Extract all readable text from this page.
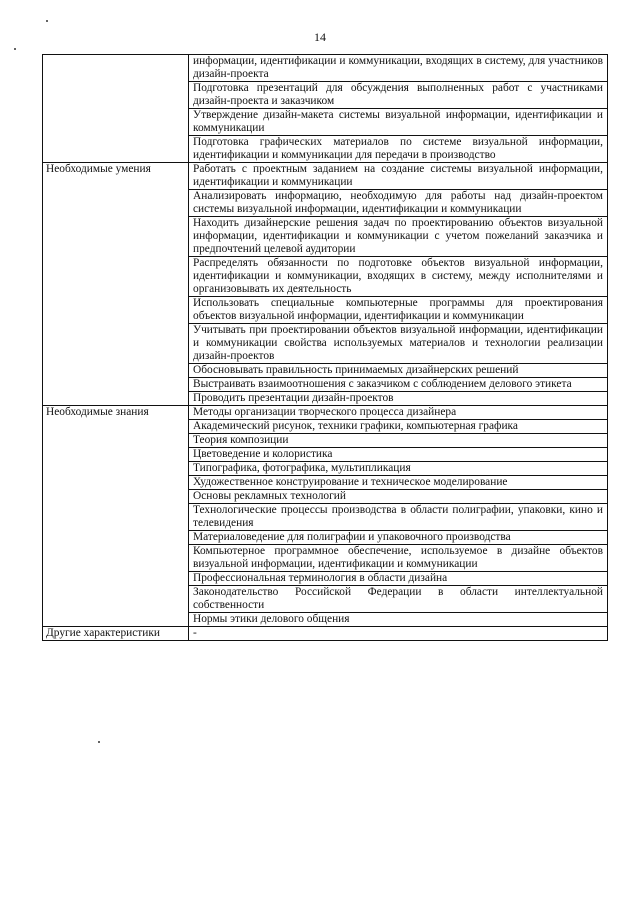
14
	информации, идентификации и коммуникации, входящих в систему, для участников дизайн-проекта
	Подготовка презентаций для обсуждения выполненных работ с участниками дизайн-проекта и заказчиком
	Утверждение дизайн-макета системы визуальной информации, идентификации и коммуникации
	Подготовка графических материалов по системе визуальной информации, идентификации и коммуникации для передачи в производство
Необходимые умения	Работать с проектным заданием на создание системы визуальной информации, идентификации и коммуникации
	Анализировать информацию, необходимую для работы над дизайн-проектом системы визуальной информации, идентификации и коммуникации
	Находить дизайнерские решения задач по проектированию объектов визуальной информации, идентификации и коммуникации с учетом пожеланий заказчика и предпочтений целевой аудитории
	Распределять обязанности по подготовке объектов визуальной информации, идентификации и коммуникации, входящих в систему, между исполнителями и организовывать их деятельность
	Использовать специальные компьютерные программы для проектирования объектов визуальной информации, идентификации и коммуникации
	Учитывать при проектировании объектов визуальной информации, идентификации и коммуникации свойства используемых материалов и технологии реализации дизайн-проектов
	Обосновывать правильность принимаемых дизайнерских решений
	Выстраивать взаимоотношения с заказчиком с соблюдением делового этикета
	Проводить презентации дизайн-проектов
Необходимые знания	Методы организации творческого процесса дизайнера
	Академический рисунок, техники графики, компьютерная графика
	Теория композиции
	Цветоведение и колористика
	Типографика, фотографика, мультипликация
	Художественное конструирование и техническое моделирование
	Основы рекламных технологий
	Технологические процессы производства в области полиграфии, упаковки, кино и телевидения
	Материаловедение для полиграфии и упаковочного производства
	Компьютерное программное обеспечение, используемое в дизайне объектов визуальной информации, идентификации и коммуникации
	Профессиональная терминология в области дизайна
	Законодательство Российской Федерации в области интеллектуальной собственности
	Нормы этики делового общения
Другие характеристики	-
